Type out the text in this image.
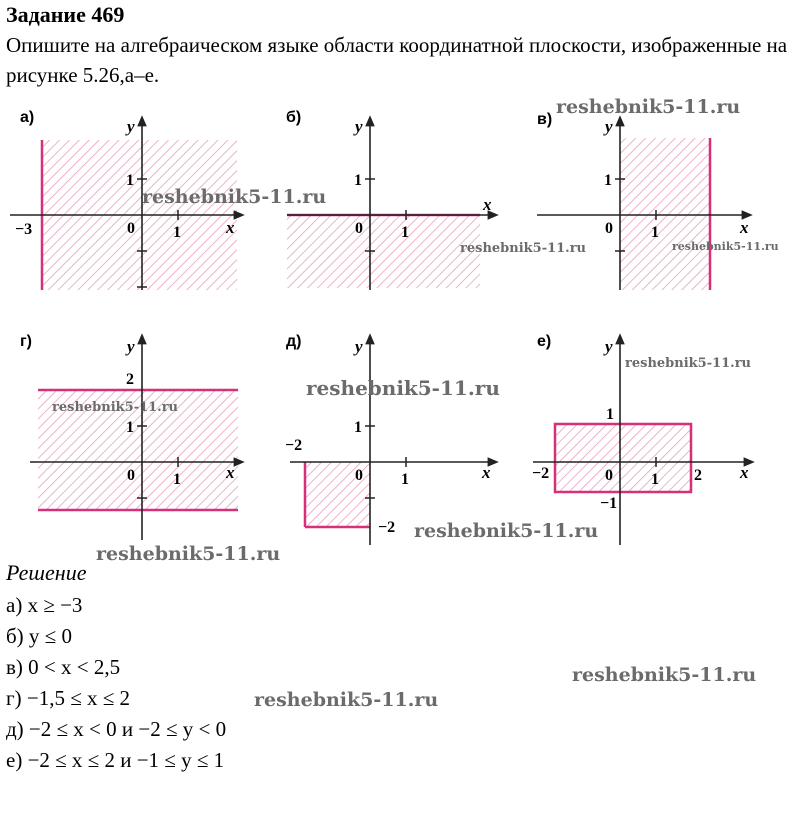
Задание 469
Опишите на алгебраическом языке области координатной плоскости, изображенные на рисунке 5.26,а–е.
а)	y
x
1
1
0
−3
б)	y
x
1
1
0
в)	y
x
1
1
0
г)	y
x
2
1
1
0
д)	y
x
1
1
0
−2
−2
е)	y
x
1
1
0
−2	2
−1
Решение
а) x ≥ −3
б) y ≤ 0
в) 0 < x < 2,5
г) −1,5 ≤ x ≤ 2
д) −2 ≤ x < 0 и −2 ≤ y < 0
е) −2 ≤ x ≤ 2 и −1 ≤ y ≤ 1
reshebnik5-11.ru
reshebnik5-11.ru
reshebnik5-11.ru	reshebnik5-11.ru
reshebnik5-11.ru
reshebnik5-11.ru
reshebnik5-11.ru
reshebnik5-11.ru
reshebnik5-11.ru
reshebnik5-11.ru
reshebnik5-11.ru
